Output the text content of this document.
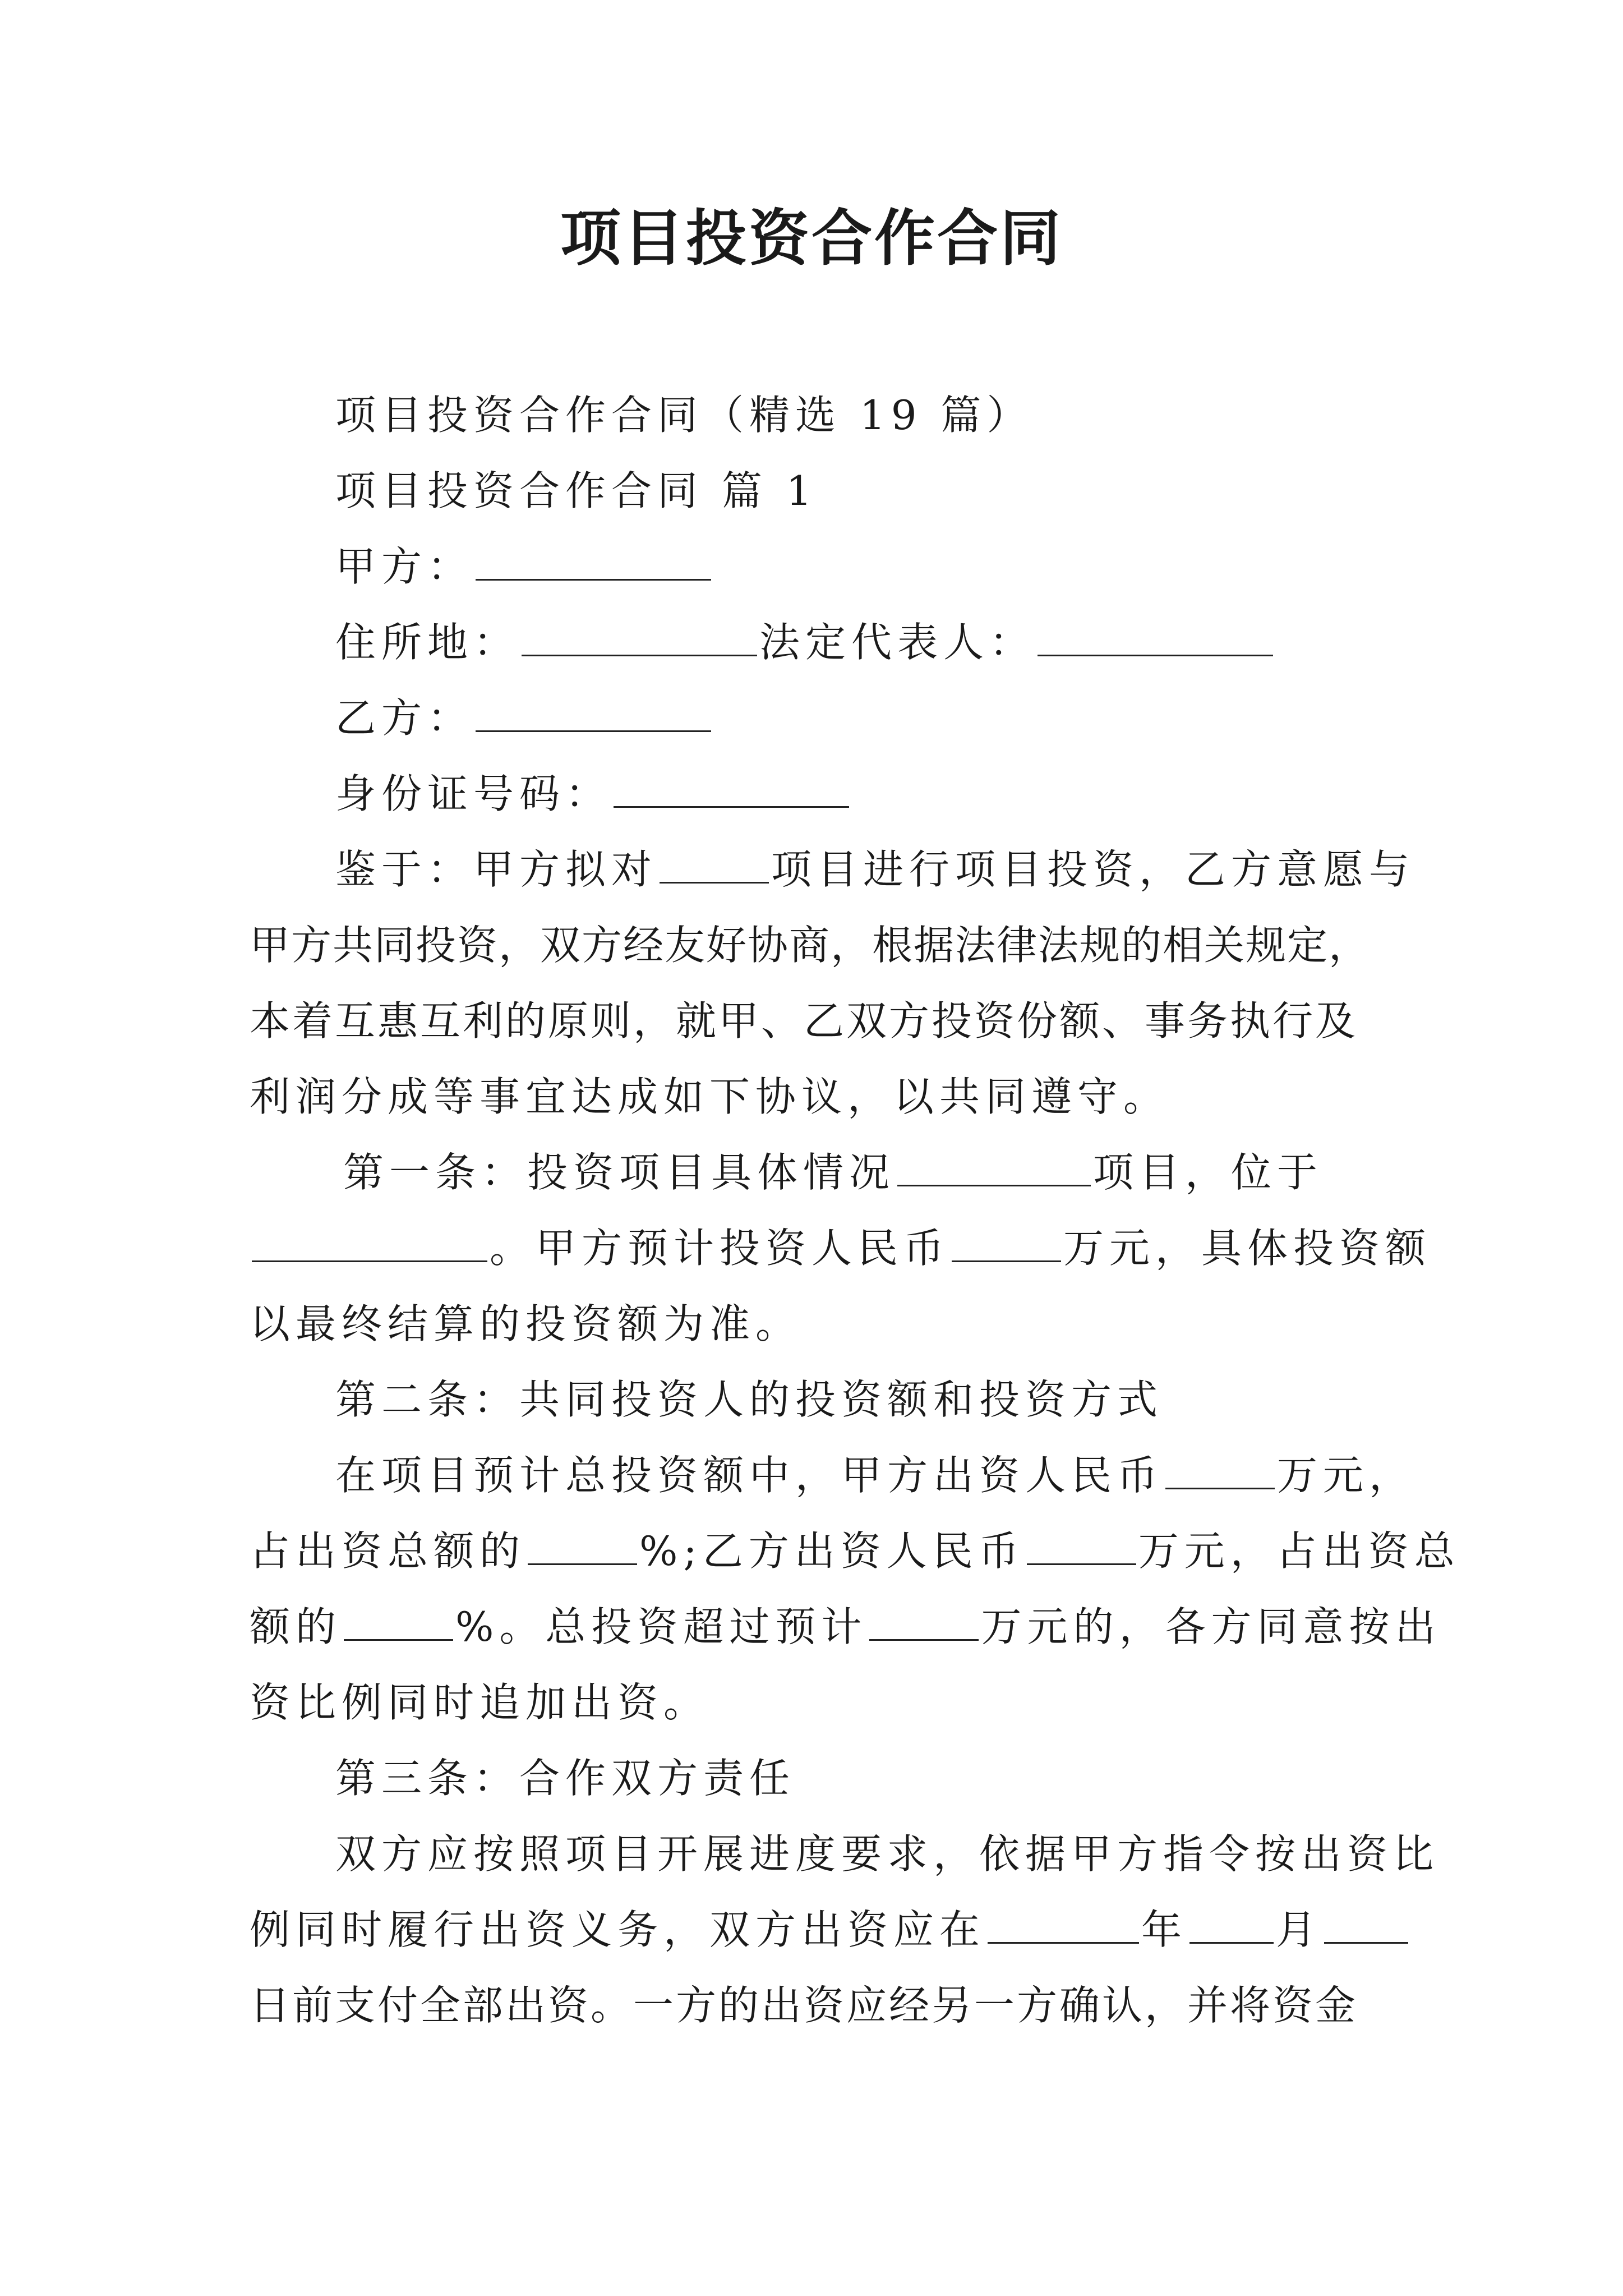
项目投资合作合同
项目投资合作合同（精选 19 篇）
项目投资合作合同 篇 1
甲方：
住所地：	法定代表人：
乙方：
身份证号码：
鉴于：甲方拟对	项目进行项目投资，乙方意愿与
甲方共同投资，双方经友好协商，根据法律法规的相关规定，
本着互惠互利的原则，就甲、乙双方投资份额、事务执行及
利润分成等事宜达成如下协议，以共同遵守。
第一条：投资项目具体情况	项目，位于
。甲方预计投资人民币	万元，具体投资额
以最终结算的投资额为准。
第二条：共同投资人的投资额和投资方式
在项目预计总投资额中，甲方出资人民币	万元，
占出资总额的	%;乙方出资人民币	万元，占出资总
额的	%。总投资超过预计	万元的，各方同意按出
资比例同时追加出资。
第三条：合作双方责任
双方应按照项目开展进度要求，依据甲方指令按出资比
例同时履行出资义务，双方出资应在	年 月
日前支付全部出资。一方的出资应经另一方确认，并将资金
